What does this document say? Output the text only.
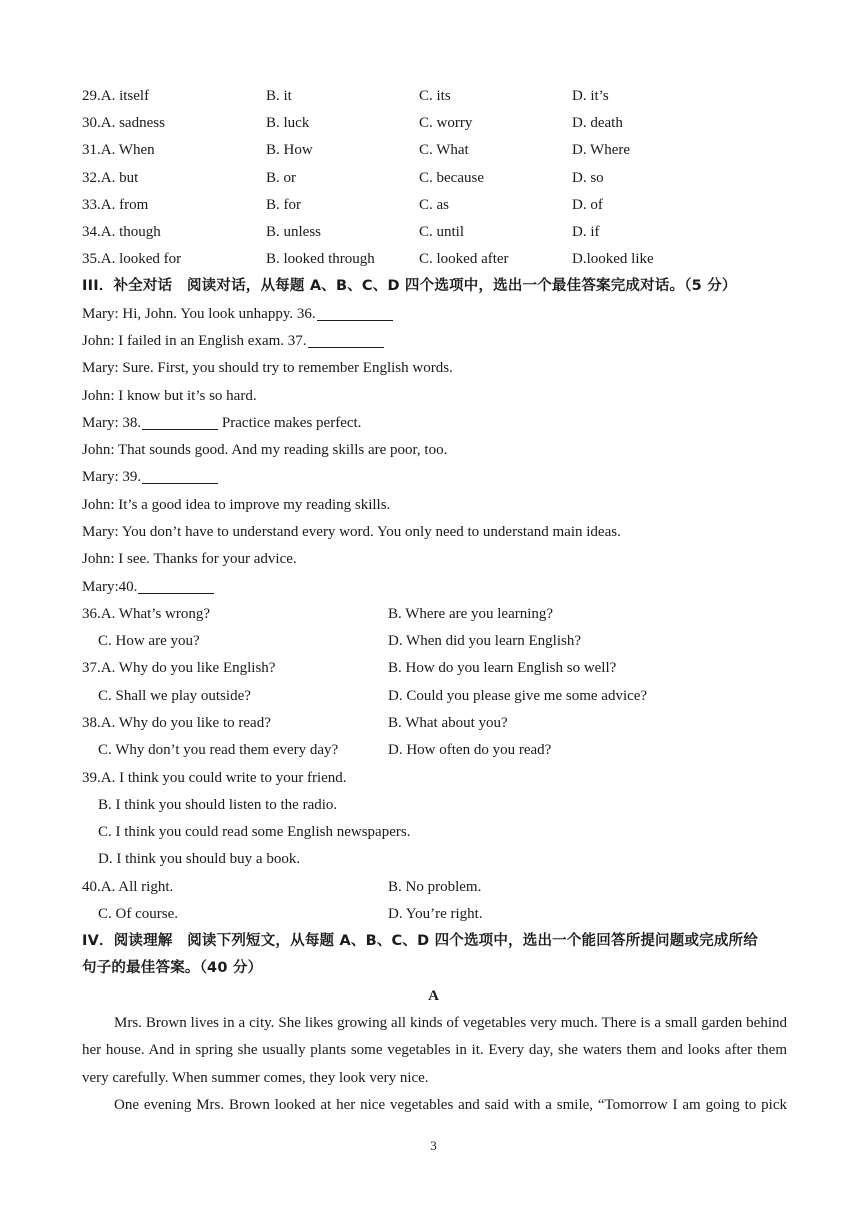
29.A. itself	B. it	C. its	D. it’s
30.A. sadness	B. luck	C. worry	D. death
31.A. When	B. How	C. What	D. Where
32.A. but	B. or	C. because	D. so
33.A. from	B. for	C. as	D. of
34.A. though	B. unless	C. until	D. if
35.A. looked for	B. looked through	C. looked after	D.looked like
III．补全对话　阅读对话，从每题 A、B、C、D 四个选项中，选出一个最佳答案完成对话。（5 分）
Mary: Hi, John. You look unhappy. 36.
John: I failed in an English exam. 37.
Mary: Sure. First, you should try to remember English words.
John: I know but it’s so hard.
Mary: 38.	Practice makes perfect.
John: That sounds good. And my reading skills are poor, too.
Mary: 39.
John: It’s a good idea to improve my reading skills.
Mary: You don’t have to understand every word. You only need to understand main ideas.
John: I see. Thanks for your advice.
Mary:40.
36.A. What’s wrong?	B. Where are you learning?
C. How are you?	D. When did you learn English?
37.A. Why do you like English?	B. How do you learn English so well?
C. Shall we play outside?	D. Could you please give me some advice?
38.A. Why do you like to read?	B. What about you?
C. Why don’t you read them every day?	D. How often do you read?
39.A. I think you could write to your friend.
B. I think you should listen to the radio.
C. I think you could read some English newspapers.
D. I think you should buy a book.
40.A. All right.	B. No problem.
C. Of course.	D. You’re right.
IV．阅读理解　阅读下列短文，从每题 A、B、C、D 四个选项中，选出一个能回答所提问题或完成所给
句子的最佳答案。（40 分）
A
Mrs. Brown lives in a city. She likes growing all kinds of vegetables very much. There is a small garden behind her house. And in spring she usually plants some vegetables in it. Every day, she waters them and looks after them very carefully. When summer comes, they look very nice.
One evening Mrs. Brown looked at her nice vegetables and said with a smile, “Tomorrow I am going to pick
3
